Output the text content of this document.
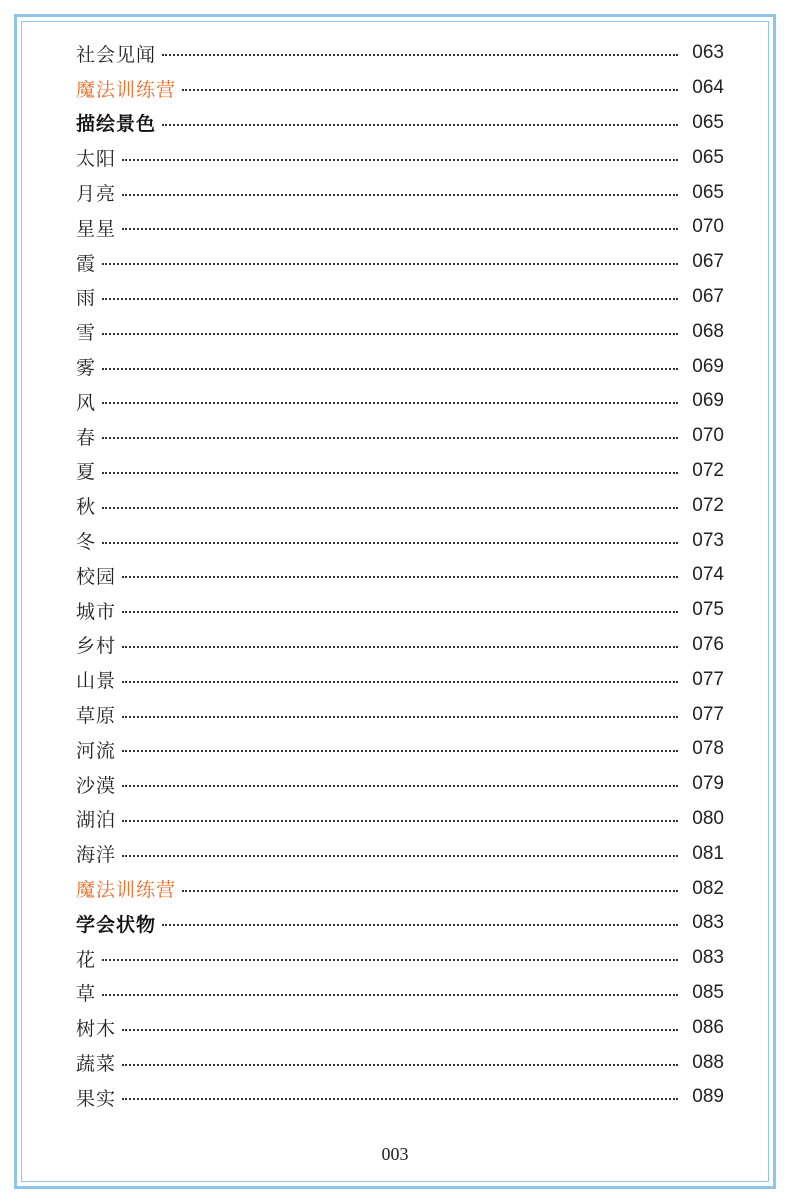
社会见闻	063
魔法训练营	064
描绘景色	065
太阳	065
月亮	065
星星	070
霞	067
雨	067
雪	068
雾	069
风	069
春	070
夏	072
秋	072
冬	073
校园	074
城市	075
乡村	076
山景	077
草原	077
河流	078
沙漠	079
湖泊	080
海洋	081
魔法训练营	082
学会状物	083
花	083
草	085
树木	086
蔬菜	088
果实	089
003
